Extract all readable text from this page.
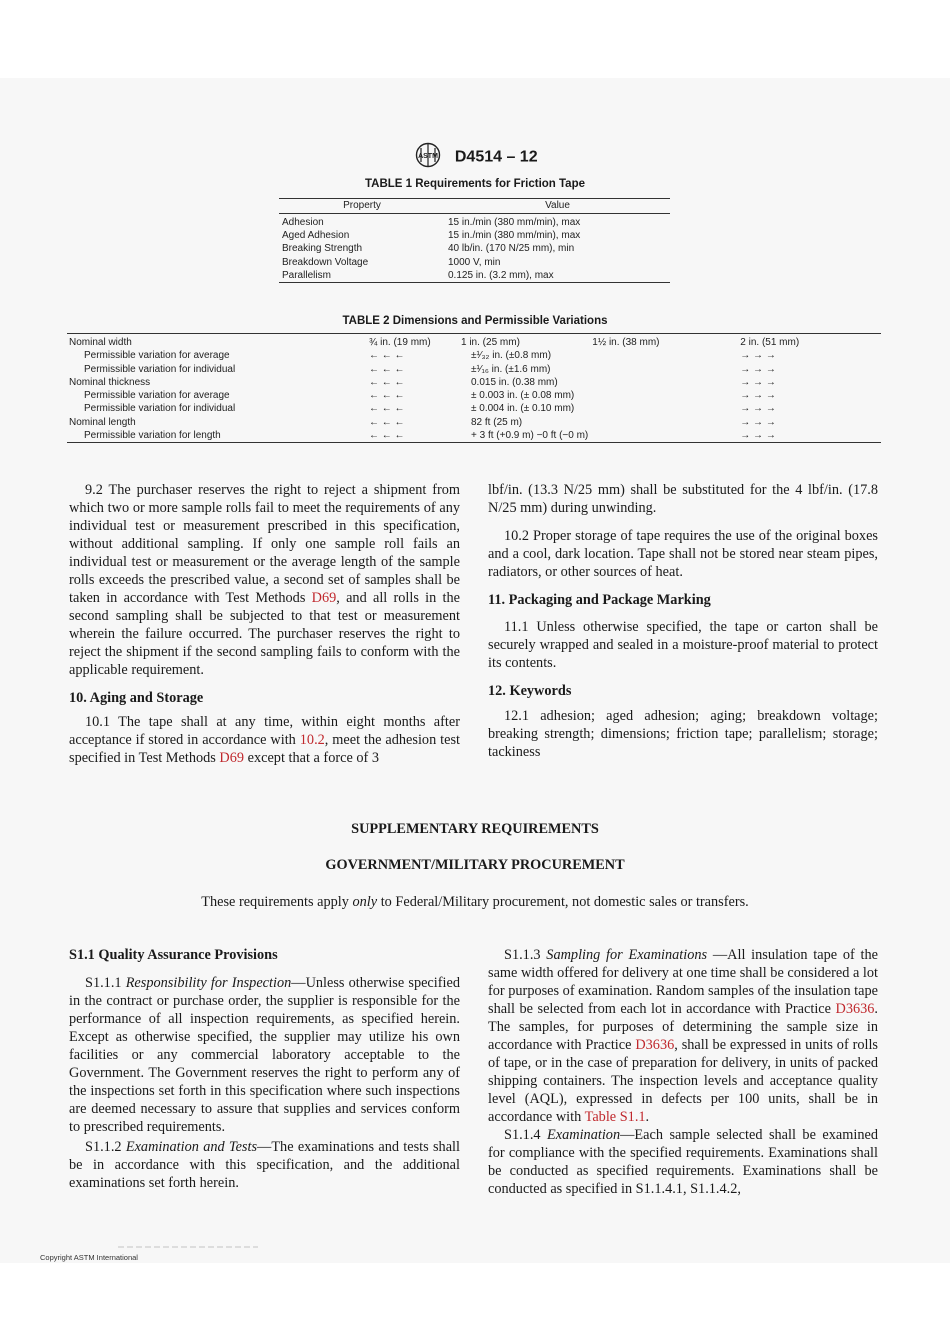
ASTM D4514 – 12
TABLE 1 Requirements for Friction Tape
Property	Value
Adhesion	15 in./min (380 mm/min), max
Aged Adhesion	15 in./min (380 mm/min), max
Breaking Strength	40 lb/in. (170 N/25 mm), min
Breakdown Voltage	1000 V, min
Parallelism	0.125 in. (3.2 mm), max
TABLE 2 Dimensions and Permissible Variations
Nominal width	¾ in. (19 mm)	1 in. (25 mm)	1½ in. (38 mm)	2 in. (51 mm)
Permissible variation for average	← ← ←	±¹⁄₃₂ in. (±0.8 mm)		→ → →
Permissible variation for individual	← ← ←	±¹⁄₁₆ in. (±1.6 mm)		→ → →
Nominal thickness	← ← ←	0.015 in. (0.38 mm)		→ → →
Permissible variation for average	← ← ←	± 0.003 in. (± 0.08 mm)		→ → →
Permissible variation for individual	← ← ←	± 0.004 in. (± 0.10 mm)		→ → →
Nominal length	← ← ←	82 ft (25 m)		→ → →
Permissible variation for length	← ← ←	+ 3 ft (+0.9 m) −0 ft (−0 m)		→ → →

9.2 The purchaser reserves the right to reject a shipment from which two or more sample rolls fail to meet the requirements of any individual test or measurement prescribed in this specification, without additional sampling. If only one sample roll fails an individual test or measurement or the average length of the sample rolls exceeds the prescribed value, a second set of samples shall be taken in accordance with Test Methods D69, and all rolls in the second sampling shall be subjected to that test or measurement wherein the failure occurred. The purchaser reserves the right to reject the shipment if the second sampling fails to conform with the applicable requirement.

10. Aging and Storage

10.1 The tape shall at any time, within eight months after acceptance if stored in accordance with 10.2, meet the adhesion test specified in Test Methods D69 except that a force of 3

lbf/in. (13.3 N/25 mm) shall be substituted for the 4 lbf/in. (17.8 N/25 mm) during unwinding.

10.2 Proper storage of tape requires the use of the original boxes and a cool, dark location. Tape shall not be stored near steam pipes, radiators, or other sources of heat.

11. Packaging and Package Marking

11.1 Unless otherwise specified, the tape or carton shall be securely wrapped and sealed in a moisture-proof material to protect its contents.

12. Keywords

12.1 adhesion; aged adhesion; aging; breakdown voltage; breaking strength; dimensions; friction tape; parallelism; storage; tackiness

SUPPLEMENTARY REQUIREMENTS
GOVERNMENT/MILITARY PROCUREMENT
These requirements apply only to Federal/Military procurement, not domestic sales or transfers.
S1.1 Quality Assurance Provisions

S1.1.1 Responsibility for Inspection—Unless otherwise specified in the contract or purchase order, the supplier is responsible for the performance of all inspection requirements, as specified herein. Except as otherwise specified, the supplier may utilize his own facilities or any commercial laboratory acceptable to the Government. The Government reserves the right to perform any of the inspections set forth in this specification where such inspections are deemed necessary to assure that supplies and services conform to prescribed requirements.

S1.1.2 Examination and Tests—The examinations and tests shall be in accordance with this specification, and the additional examinations set forth herein.

S1.1.3 Sampling for Examinations —All insulation tape of the same width offered for delivery at one time shall be considered a lot for purposes of examination. Random samples of the insulation tape shall be selected from each lot in accordance with Practice D3636. The samples, for purposes of determining the sample size in accordance with Practice D3636, shall be expressed in units of rolls of tape, or in the case of preparation for delivery, in units of packed shipping containers. The inspection levels and acceptance quality level (AQL), expressed in defects per 100 units, shall be in accordance with Table S1.1.

S1.1.4 Examination—Each sample selected shall be examined for compliance with the specified requirements. Examinations shall be conducted as specified requirements. Examinations shall be conducted as specified in S1.1.4.1, S1.1.4.2,

Copyright ASTM International
